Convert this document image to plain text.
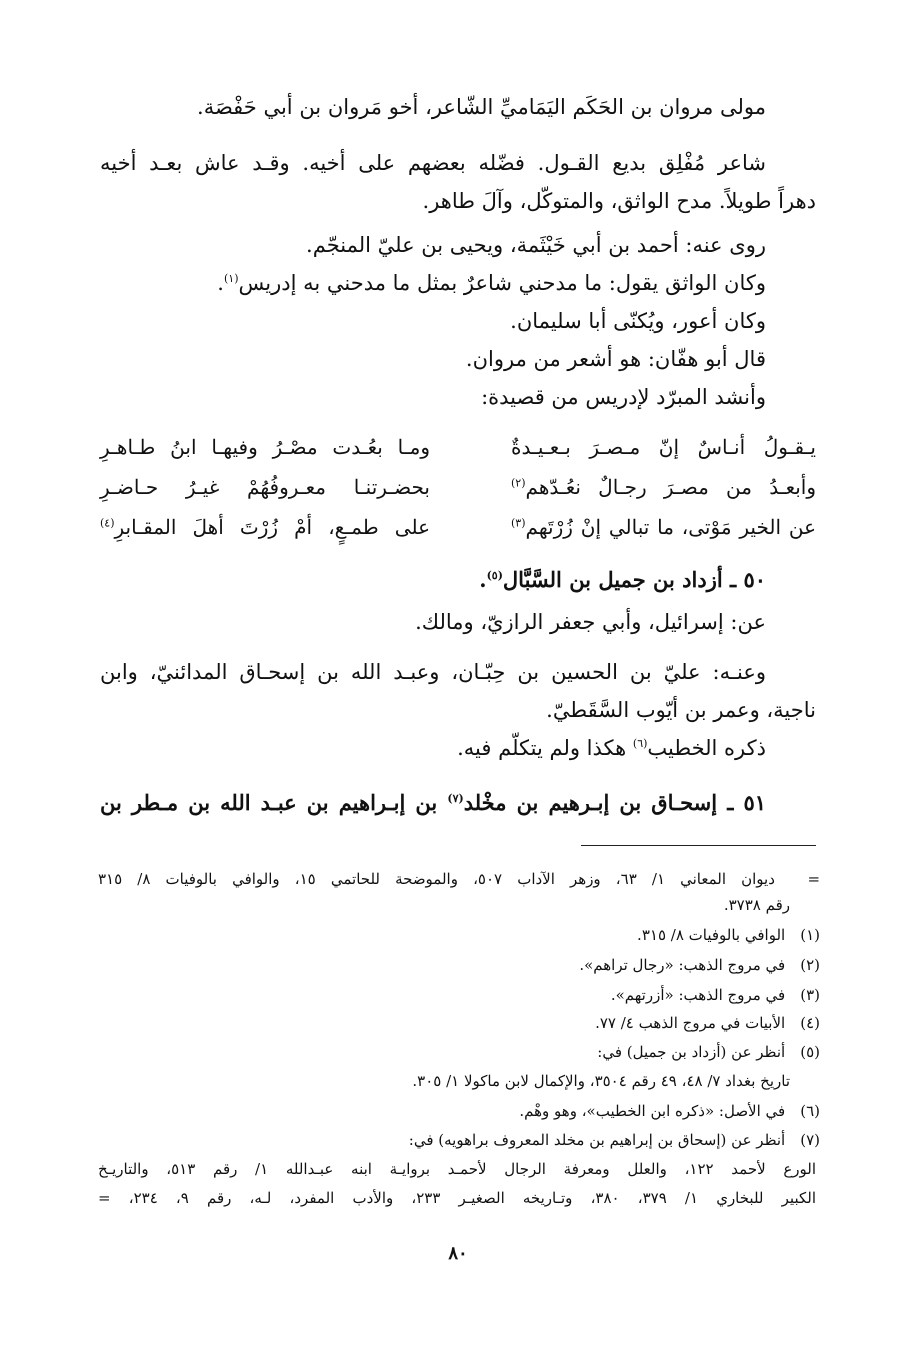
مولى مروان بن الحَكَم اليَمَاميِّ الشّاعر، أخو مَروان بن أبي حَفْصَة.
شاعر مُفْلِق بديع القـول. فضّله بعضهم على أخيه. وقـد عاش بعـد أخيه
دهراً طويلاً. مدح الواثق، والمتوكّل، وآلَ طاهر.
روى عنه: أحمد بن أبي خَيْثَمة، ويحيى بن عليّ المنجّم.
وكان الواثق يقول: ما مدحني شاعرٌ بمثل ما مدحني به إدريس$^{(١)}$.
وكان أعور، ويُكنّى أبا سليمان.
قال أبو هفّان: هو أشعر من مروان.
وأنشد المبرّد لإدريس من قصيدة:
يـقـولُ أنـاسٌ إنّ مـصـرَ بـعـيـدةٌ
ومـا بعُـدت مصْـرُ وفيهـا ابنُ طـاهـرِ
وأبعـدُ من مصـرَ رجـالٌ نعُـدّهم$^{(٢)}$
بحضـرتنـا معـروفُهُمْ غيـرُ حـاضـرِ
عن الخير مَوْتى، ما تبالي إنْ زُرْتَهم$^{(٣)}$
على طمـعٍ، أمْ زُرْتَ أهلَ المقـابرِ$^{(٤)}$
٥٠ ـ أزداد بن جميل بن السَّبَّال$^{(٥)}$.
عن: إسرائيل، وأبي جعفر الرازيّ، ومالك.
وعنـه: عليّ بن الحسين بن حِبّـان، وعبـد الله بن إسحـاق المدائنيّ، وابن
ناجية، وعمر بن أيّوب السَّقَطيّ.
ذكره الخطيب$^{(٦)}$ هكذا ولم يتكلّم فيه.
٥١ ـ إسحـاق بن إبـرهيم بن مخْلد$^{(٧)}$ بن إبـراهيم بن عبـد الله بن مـطر بن
= ديوان المعاني ١/ ٦٣، وزهر الآداب ٥٠٧، والموضحة للحاتمي ١٥، والوافي بالوفيات ٨/ ٣١٥
رقم ٣٧٣٨.
(١) الوافي بالوفيات ٨/ ٣١٥.
(٢) في مروج الذهب: «رجال تراهم».
(٣) في مروج الذهب: «أزرتهم».
(٤) الأبيات في مروج الذهب ٤/ ٧٧.
(٥) أنظر عن (أزداد بن جميل) في:
تاريخ بغداد ٧/ ٤٨، ٤٩ رقم ٣٥٠٤، والإكمال لابن ماكولا ١/ ٣٠٥.
(٦) في الأصل: «ذكره ابن الخطيب»، وهو وهْم.
(٧) أنظر عن (إسحاق بن إبراهيم بن مخلد المعروف براهويه) في:
الورع لأحمد ١٢٢، والعلل ومعرفة الرجال لأحمـد بروايـة ابنه عبـدالله ١/ رقم ٥١٣، والتاريـخ
الكبير للبخاري ١/ ٣٧٩، ٣٨٠، وتـاريخه الصغيـر ٢٣٣، والأدب المفرد، لـه، رقم ٩، ٢٣٤، =
٨٠
